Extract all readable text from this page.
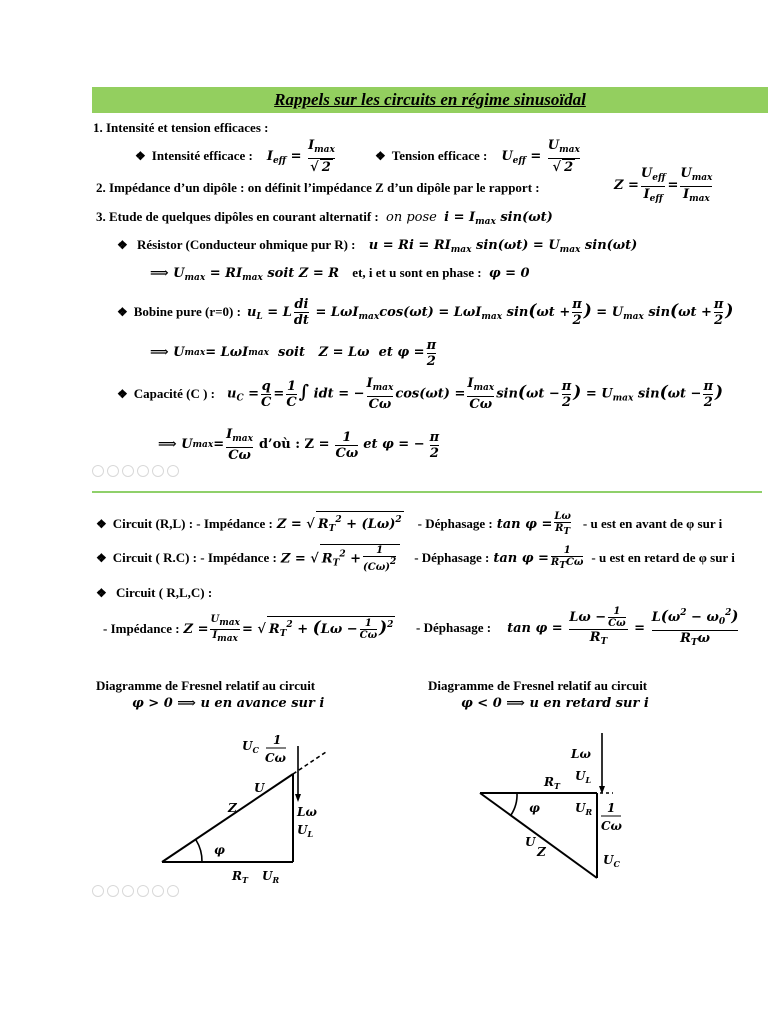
Rappels sur les circuits en régime sinusoïdal
1. Intensité et tension efficaces :
❖ Intensité efficace : $I_{eff} = \frac{I_{max}}{√ 2}$	❖ Tension efficace : $U_{eff} = \frac{U_{max}}{√ 2}$
2. Impédance d’un dipôle : on définit l’impédance Z d’un dipôle par le rapport :	$Z = \frac{U_{eff}}{I_{eff}} = \frac{U_{max}}{I_{max}}$
3. Etude de quelques dipôles en courant alternatif : on pose $i = I_{max}$ sin(ωt)
❖ Résistor (Conducteur ohmique pur R) : $u = Ri = RI_{max}$ $\sin(\omega t) = U_{max}$ sin(ωt)
⟹ $U_{max} = RI_{max}$ soit Z = R et, i et u sont en phase : φ = 0
❖ Bobine pure (r=0) : $u_L = L \frac{di}{dt} = L\omega I_{max}\cos(\omega t) = L\omega I_{max}$ $\sin(\omega t + \frac{\pi}{2}$ ) = $U_{max}$ $\sin(\omega t + \frac{\pi}{2}$ )
⟹ U max = LωI max soit   Z = Lω  et $\varphi = \frac{\pi}{2}$
❖ Capacité (C ) : $u_C = \frac{q}{C} = \frac{1}{C}$ ∫ idt = − $\frac{I_{max}}{C\omega} \cos(\omega t) = \frac{I_{max}}{C\omega} \sin(\omega t - \frac{\pi}{2}$ ) = $U_{max}$ $\sin(\omega t - \frac{\pi}{2}$ )
⟹ U $\max = \frac{I_{max}}{C\omega}$ d’où : $Z = \frac{1}{C\omega}$ et φ = − $\frac{\pi}{2}$
❖ Circuit (R,L) : - Impédance : Z = √ $R_T^2 + (L\omega)^2$ - Déphasage : $\tan \varphi = \frac{L\omega}{RT} - u$ est en avant de φ sur i
❖ Circuit ( R.C) : - Impédance : Z = √ $R_T^2 + \frac{1}{(C\omega)2}$ - Déphasage : $\tan \varphi = \frac{1}{\text{RTCω}} - u$ est en retard de φ sur i
❖ Circuit ( R,L,C) :
- Impédance : $Z = \frac{Umax}{Imax}$ = √ $R_T^2 + (L\omega - \frac{1}{C\omega} )^2$ - Déphasage : $\tan \varphi = \frac{L\omega - \frac{1}{C\omega}}{R_T} = \frac{L(\omega^2 - \omega_0^2)}{R_T\omega}$
Diagramme de Fresnel relatif au circuit
φ > 0 ⟹ u en avance sur i
Diagramme de Fresnel relatif au circuit
φ < 0 ⟹ u en retard sur i
$U_C$
1
Cω
U
Z	Lω
$U_L$
φ
$R_T$ $U_R$
Lω
$U_L$
$R_T$
φ	$U_R$ 1
Cω
U
Z
$U_C$
